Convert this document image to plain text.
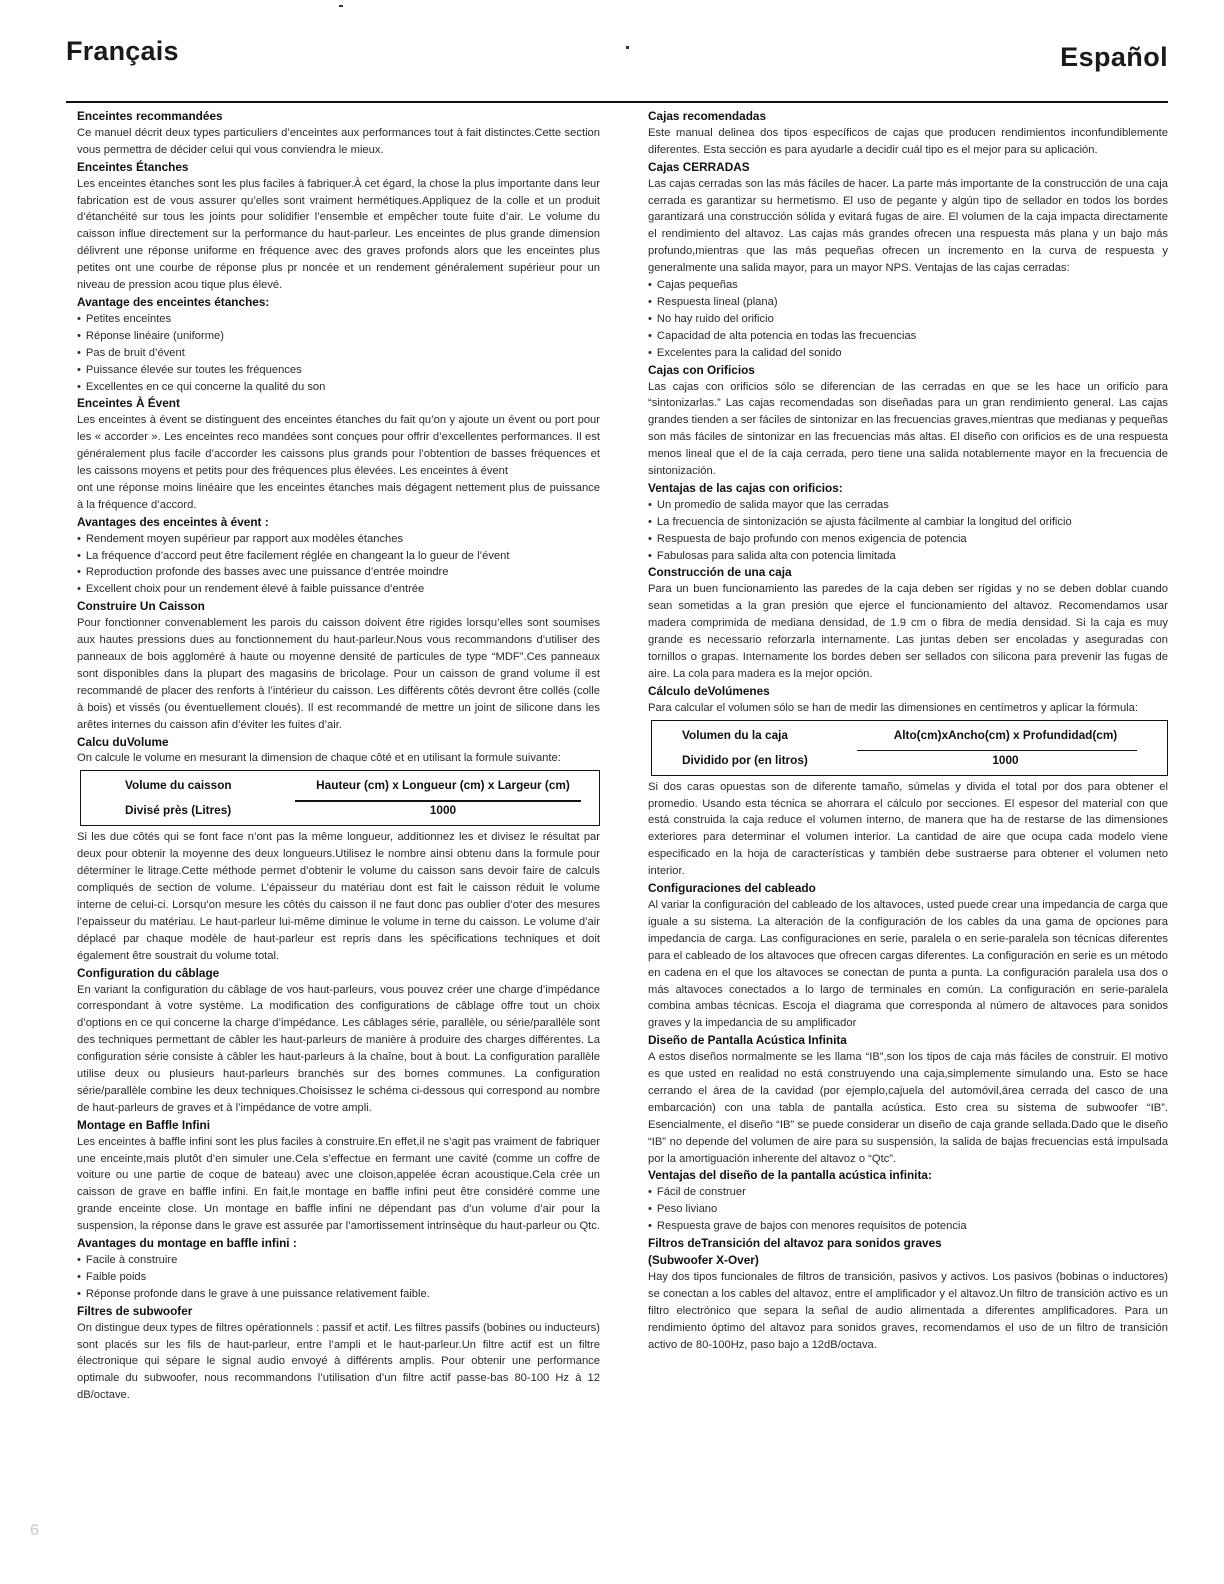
Français	Español
Enceintes recommandées

Ce manuel décrit deux types particuliers d’enceintes aux performances tout à fait distinctes.Cette section vous permettra de décider celui qui vous conviendra le mieux.

Enceintes Étanches

Les enceintes étanches sont les plus faciles à fabriquer.À cet égard, la chose la plus importante dans leur fabrication est de vous assurer qu’elles sont vraiment hermétiques.Appliquez de la colle et un produit d’étanchéité sur tous les joints pour solidifier l’ensemble et empêcher toute fuite d’air. Le volume du caisson influe directement sur la performance du haut-parleur. Les enceintes de plus grande dimension délivrent une réponse uniforme en fréquence avec des graves profonds alors que les enceintes plus petites ont une courbe de réponse plus pr noncée et un rendement généralement supérieur pour un niveau de pression acou tique plus élevé.

Avantage des enceintes étanches:
• Petites enceintes
• Réponse linéaire (uniforme)
• Pas de bruit d’évent
• Puissance élevée sur toutes les fréquences
• Excellentes en ce qui concerne la qualité du son
Enceintes À Évent

Les enceintes à évent se distinguent des enceintes étanches du fait qu’on y ajoute un évent ou port pour les « accorder ». Les enceintes reco mandées sont conçues pour offrir d’excellentes performances. Il est généralement plus facile d’accorder les caissons plus grands pour l’obtention de basses fréquences et les caissons moyens et petits pour des fréquences plus élevées. Les enceintes à évent

ont une réponse moins linéaire que les enceintes étanches mais dégagent nettement plus de puissance à la fréquence d’accord.

Avantages des enceintes à évent :
• Rendement moyen supérieur par rapport aux modèles étanches
• La fréquence d’accord peut être facilement réglée en changeant la lo gueur de l’évent
• Reproduction profonde des basses avec une puissance d’entrée moindre
• Excellent choix pour un rendement élevé à faible puissance d’entrée
Construire Un Caisson

Pour fonctionner convenablement les parois du caisson doivent être rigides lorsqu’elles sont soumises aux hautes pressions dues au fonctionnement du haut-parleur.Nous vous recommandons d’utiliser des panneaux de bois aggloméré à haute ou moyenne densité de particules de type “MDF”.Ces panneaux sont disponibles dans la plupart des magasins de bricolage. Pour un caisson de grand volume il est recommandé de placer des renforts à l’intérieur du caisson. Les différents côtés devront être collés (colle à bois) et vissés (ou éventuellement cloués). Il est recommandé de mettre un joint de silicone dans les arêtes internes du caisson afin d’éviter les fuites d’air.

Calcu duVolume

On calcule le volume en mesurant la dimension de chaque côté et en utilisant la formule suivante:

Volume du caisson	Hauteur (cm) x Longueur (cm) x Largeur (cm)
Divisé près (Litres)	1000

Si les due côtés qui se font face n’ont pas la même longueur, additionnez les et divisez le résultat par deux pour obtenir la moyenne des deux longueurs.Utilisez le nombre ainsi obtenu dans la formule pour déterminer le litrage.Cette méthode permet d’obtenir le volume du caisson sans devoir faire de calculs compliqués de section de volume. L’épaisseur du matériau dont est fait le caisson réduit le volume interne de celui-ci. Lorsqu’on mesure les côtés du caisson il ne faut donc pas oublier d’oter des mesures l’epaisseur du matériau. Le haut-parleur lui-même diminue le volume in terne du caisson. Le volume d’air déplacé par chaque modèle de haut-parleur est repris dans les spécifications techniques et doit également être soustrait du volume total.

Configuration du câblage

En variant la configuration du câblage de vos haut-parleurs, vous pouvez créer une charge d’impédance correspondant à votre système. La modification des configurations de câblage offre tout un choix d’options en ce qui concerne la charge d’impédance. Les câblages série, parallèle, ou série/parallèle sont des techniques permettant de câbler les haut-parleurs de manière à produire des charges différentes. La configuration série consiste à câbler les haut-parleurs à la chaîne, bout à bout. La configuration parallèle utilise deux ou plusieurs haut-parleurs branchés sur des bornes communes. La configuration série/parallèle combine les deux techniques.Choisissez le schéma ci-dessous qui correspond au nombre de haut-parleurs de graves et à l’impédance de votre ampli.

Montage en Baffle Infini

Les enceintes à baffle infini sont les plus faciles à construire.En effet,il ne s’agit pas vraiment de fabriquer une enceinte,mais plutôt d’en simuler une.Cela s’effectue en fermant une cavité (comme un coffre de voiture ou une partie de coque de bateau) avec une cloison,appelée écran acoustique.Cela crée un caisson de grave en baffle infini. En fait,le montage en baffle infini peut être considéré comme une grande enceinte close. Un montage en baffle infini ne dépendant pas d’un volume d’air pour la suspension, la réponse dans le grave est assurée par l’amortissement intrinsèque du haut-parleur ou Qtc.

Avantages du montage en baffle infini :
• Facile à construire
• Faible poids
• Réponse profonde dans le grave à une puissance relativement faible.
Filtres de subwoofer

On distingue deux types de filtres opérationnels : passif et actif. Les filtres passifs (bobines ou inducteurs) sont placés sur les fils de haut-parleur, entre l’ampli et le haut-parleur.Un filtre actif est un filtre électronique qui sépare le signal audio envoyé à différents amplis. Pour obtenir une performance optimale du subwoofer, nous recommandons l’utilisation d’un filtre actif passe-bas 80-100 Hz à 12 dB/octave.

Cajas recomendadas

Este manual delinea dos tipos específicos de cajas que producen rendimientos inconfundiblemente diferentes. Esta sección es para ayudarle a decidir cuál tipo es el mejor para su aplicación.

Cajas CERRADAS

Las cajas cerradas son las más fáciles de hacer. La parte más importante de la construcción de una caja cerrada es garantizar su hermetismo. El uso de pegante y algún tipo de sellador en todos los bordes garantizará una construcción sólida y evitará fugas de aire. El volumen de la caja impacta directamente el rendimiento del altavoz. Las cajas más grandes ofrecen una respuesta más plana y un bajo más profundo,mientras que las más pequeñas ofrecen un incremento en la curva de respuesta y generalmente una salida mayor, para un mayor NPS. Ventajas de las cajas cerradas:

• Cajas pequeñas
• Respuesta lineal (plana)
• No hay ruido del orificio
• Capacidad de alta potencia en todas las frecuencias
• Excelentes para la calidad del sonido
Cajas con Orificios

Las cajas con orificios sólo se diferencian de las cerradas en que se les hace un orificio para “sintonizarlas.” Las cajas recomendadas son diseñadas para un gran rendimiento general. Las cajas grandes tienden a ser fáciles de sintonizar en las frecuencias graves,mientras que medianas y pequeñas son más fáciles de sintonizar en las frecuencias más altas. El diseño con orificios es de una respuesta menos lineal que el de la caja cerrada, pero tiene una salida notablemente mayor en la frecuencia de sintonización.

Ventajas de las cajas con orificios:
• Un promedio de salida mayor que las cerradas
• La frecuencia de sintonización se ajusta fácilmente al cambiar la longitud del orificio
• Respuesta de bajo profundo con menos exigencia de potencia
• Fabulosas para salida alta con potencia limitada
Construcción de una caja

Para un buen funcionamiento las paredes de la caja deben ser rígidas y no se deben doblar cuando sean sometidas a la gran presión que ejerce el funcionamiento del altavoz. Recomendamos usar madera comprimida de mediana densidad, de 1.9 cm o fibra de media densidad. Si la caja es muy grande es necessario reforzarla internamente. Las juntas deben ser encoladas y aseguradas con tornillos o grapas. Internamente los bordes deben ser sellados con silicona para prevenir las fugas de aire. La cola para madera es la mejor opción.

Cálculo deVolúmenes

Para calcular el volumen sólo se han de medir las dimensiones en centímetros y aplicar la fórmula:

Volumen du la caja	Alto(cm)xAncho(cm) x Profundidad(cm)
Dividido por (en litros)	1000

Si dos caras opuestas son de diferente tamaño, súmelas y divida el total por dos para obtener el promedio. Usando esta técnica se ahorrara el cálculo por secciones. El espesor del material con que está construida la caja reduce el volumen interno, de manera que ha de restarse de las dimensiones exteriores para determinar el volumen interior. La cantidad de aire que ocupa cada modelo viene especificado en la hoja de características y también debe sustraerse para obtener el volumen neto interior.

Configuraciones del cableado

Al variar la configuración del cableado de los altavoces, usted puede crear una impedancia de carga que iguale a su sistema. La alteración de la configuración de los cables da una gama de opciones para impedancia de carga. Las configuraciones en serie, paralela o en serie-paralela son técnicas diferentes para el cableado de los altavoces que ofrecen cargas diferentes. La configuración en serie es un método en cadena en el que los altavoces se conectan de punta a punta. La configuración paralela usa dos o más altavoces conectados a lo largo de terminales en común. La configuración en serie-paralela combina ambas técnicas. Escoja el diagrama que corresponda al número de altavoces para sonidos graves y la impedancia de su amplificador

Diseño de Pantalla Acústica Infinita

A estos diseños normalmente se les llama “IB”,son los tipos de caja más fáciles de construir. El motivo es que usted en realidad no está construyendo una caja,simplemente simulando una. Esto se hace cerrando el área de la cavidad (por ejemplo,cajuela del automóvil,área cerrada del casco de una embarcación) con una tabla de pantalla acústica. Esto crea su sistema de subwoofer “IB”. Esencialmente, el diseño “IB” se puede considerar un diseño de caja grande sellada.Dado que le diseño “IB” no depende del volumen de aire para su suspensión, la salida de bajas frecuencias está impulsada por la amortiguación inherente del altavoz o “Qtc”.

Ventajas del diseño de la pantalla acústica infinita:
• Fácil de construer
• Peso liviano
• Respuesta grave de bajos con menores requisitos de potencia
Filtros deTransición del altavoz para sonidos graves
(Subwoofer X-Over)

Hay dos tipos funcionales de filtros de transición, pasivos y activos. Los pasivos (bobinas o inductores) se conectan a los cables del altavoz, entre el amplificador y el altavoz.Un filtro de transición activo es un filtro electrónico que separa la señal de audio alimentada a diferentes amplificadores. Para un rendimiento óptimo del altavoz para sonidos graves, recomendamos el uso de un filtro de transición activo de 80-100Hz, paso bajo a 12dB/octava.

6
